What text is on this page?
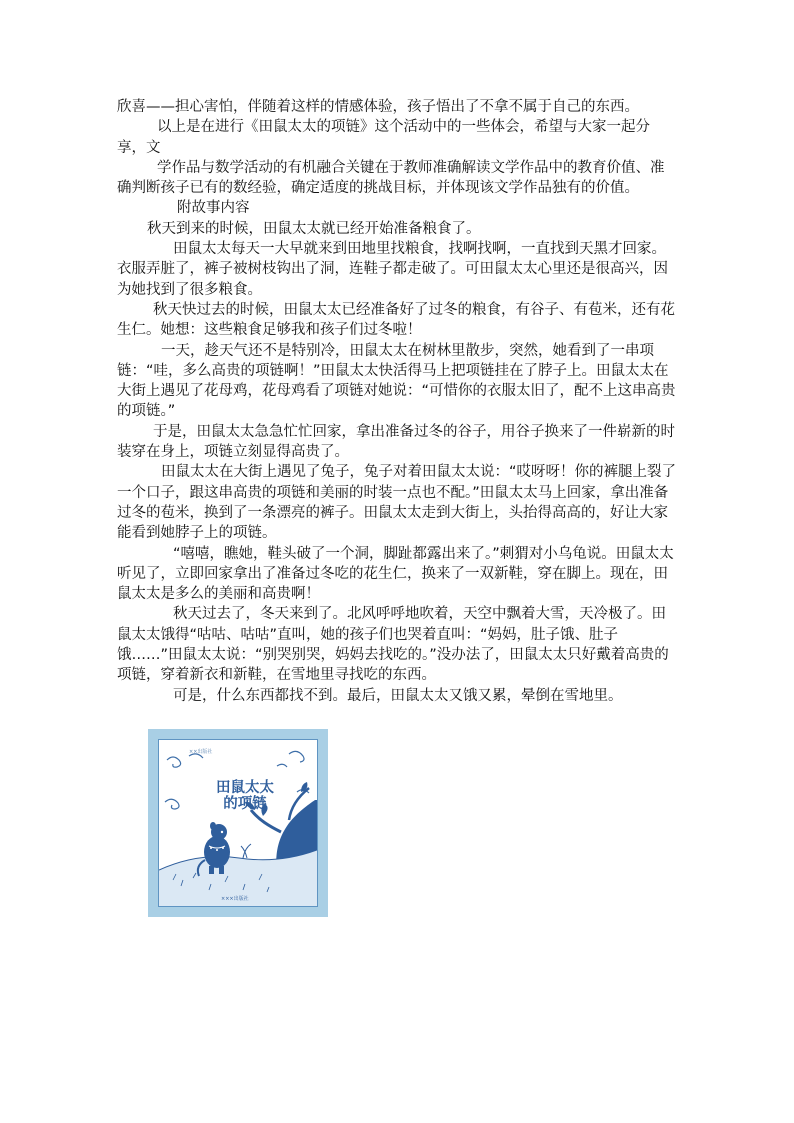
欣喜——担心害怕，伴随着这样的情感体验，孩子悟出了不拿不属于自己的东西。

以上是在进行《田鼠太太的项链》这个活动中的一些体会，希望与大家一起分享，文

学作品与数学活动的有机融合关键在于教师准确解读文学作品中的教育价值、准确判断孩子已有的数经验，确定适度的挑战目标，并体现该文学作品独有的价值。

附故事内容

秋天到来的时候，田鼠太太就已经开始准备粮食了。

田鼠太太每天一大早就来到田地里找粮食，找啊找啊，一直找到天黑才回家。衣服弄脏了，裤子被树枝钩出了洞，连鞋子都走破了。可田鼠太太心里还是很高兴，因为她找到了很多粮食。

秋天快过去的时候，田鼠太太已经准备好了过冬的粮食，有谷子、有苞米，还有花生仁。她想：这些粮食足够我和孩子们过冬啦！

一天，趁天气还不是特别冷，田鼠太太在树林里散步，突然，她看到了一串项链：“哇，多么高贵的项链啊！”田鼠太太快活得马上把项链挂在了脖子上。田鼠太太在大街上遇见了花母鸡，花母鸡看了项链对她说：“可惜你的衣服太旧了，配不上这串高贵的项链。”

于是，田鼠太太急急忙忙回家，拿出准备过冬的谷子，用谷子换来了一件崭新的时装穿在身上，项链立刻显得高贵了。

田鼠太太在大街上遇见了兔子，兔子对着田鼠太太说：“哎呀呀！你的裤腿上裂了一个口子，跟这串高贵的项链和美丽的时装一点也不配。”田鼠太太马上回家，拿出准备过冬的苞米，换到了一条漂亮的裤子。田鼠太太走到大街上，头抬得高高的，好让大家能看到她脖子上的项链。

“嘻嘻，瞧她，鞋头破了一个洞，脚趾都露出来了。”刺猬对小乌龟说。田鼠太太听见了，立即回家拿出了准备过冬吃的花生仁，换来了一双新鞋，穿在脚上。现在，田鼠太太是多么的美丽和高贵啊！

秋天过去了，冬天来到了。北风呼呼地吹着，天空中飘着大雪，天冷极了。田鼠太太饿得“咕咕、咕咕”直叫，她的孩子们也哭着直叫：“妈妈，肚子饿、肚子饿……”田鼠太太说：“别哭别哭，妈妈去找吃的。”没办法了，田鼠太太只好戴着高贵的项链，穿着新衣和新鞋，在雪地里寻找吃的东西。

可是，什么东西都找不到。最后，田鼠太太又饿又累，晕倒在雪地里。

××出版社
田鼠太太
的项链
×××出版社
